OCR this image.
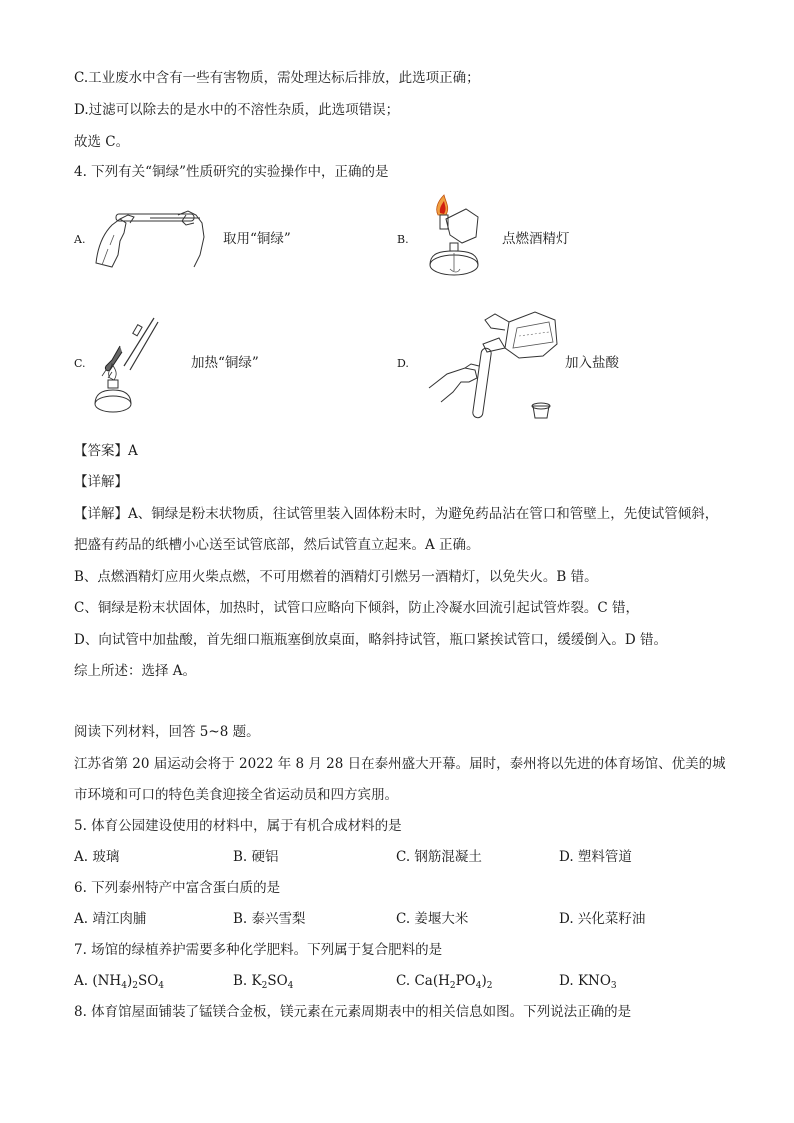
C.工业废水中含有一些有害物质，需处理达标后排放，此选项正确；
D.过滤可以除去的是水中的不溶性杂质，此选项错误；
故选 C。
4. 下列有关“铜绿”性质研究的实验操作中，正确的是
A.	取用“铜绿”	B.	点燃酒精灯
C.	加热“铜绿”	D.	加入盐酸
【答案】A
【详解】
【详解】A、铜绿是粉末状物质，往试管里装入固体粉末时，为避免药品沾在管口和管壁上，先使试管倾斜，
把盛有药品的纸槽小心送至试管底部，然后试管直立起来。A 正确。
B、点燃酒精灯应用火柴点燃，不可用燃着的酒精灯引燃另一酒精灯，以免失火。B 错。
C、铜绿是粉末状固体，加热时，试管口应略向下倾斜，防止冷凝水回流引起试管炸裂。C 错，
D、向试管中加盐酸，首先细口瓶瓶塞倒放桌面，略斜持试管，瓶口紧挨试管口，缓缓倒入。D 错。
综上所述：选择 A。
阅读下列材料，回答 5~8 题。
江苏省第 20 届运动会将于 2022 年 8 月 28 日在泰州盛大开幕。届时，泰州将以先进的体育场馆、优美的城
市环境和可口的特色美食迎接全省运动员和四方宾朋。
5. 体育公园建设使用的材料中，属于有机合成材料的是
A. 玻璃	B. 硬铝	C. 钢筋混凝土	D. 塑料管道
6. 下列泰州特产中富含蛋白质的是
A. 靖江肉脯	B. 泰兴雪梨	C. 姜堰大米	D. 兴化菜籽油
7. 场馆的绿植养护需要多种化学肥料。下列属于复合肥料的是
A. $(NH_4)_2SO_4$	B. $K_2SO_4$	C. $Ca(H_2PO_4)_2$	D. $KNO_3$
8. 体育馆屋面铺装了锰镁合金板，镁元素在元素周期表中的相关信息如图。下列说法正确的是
